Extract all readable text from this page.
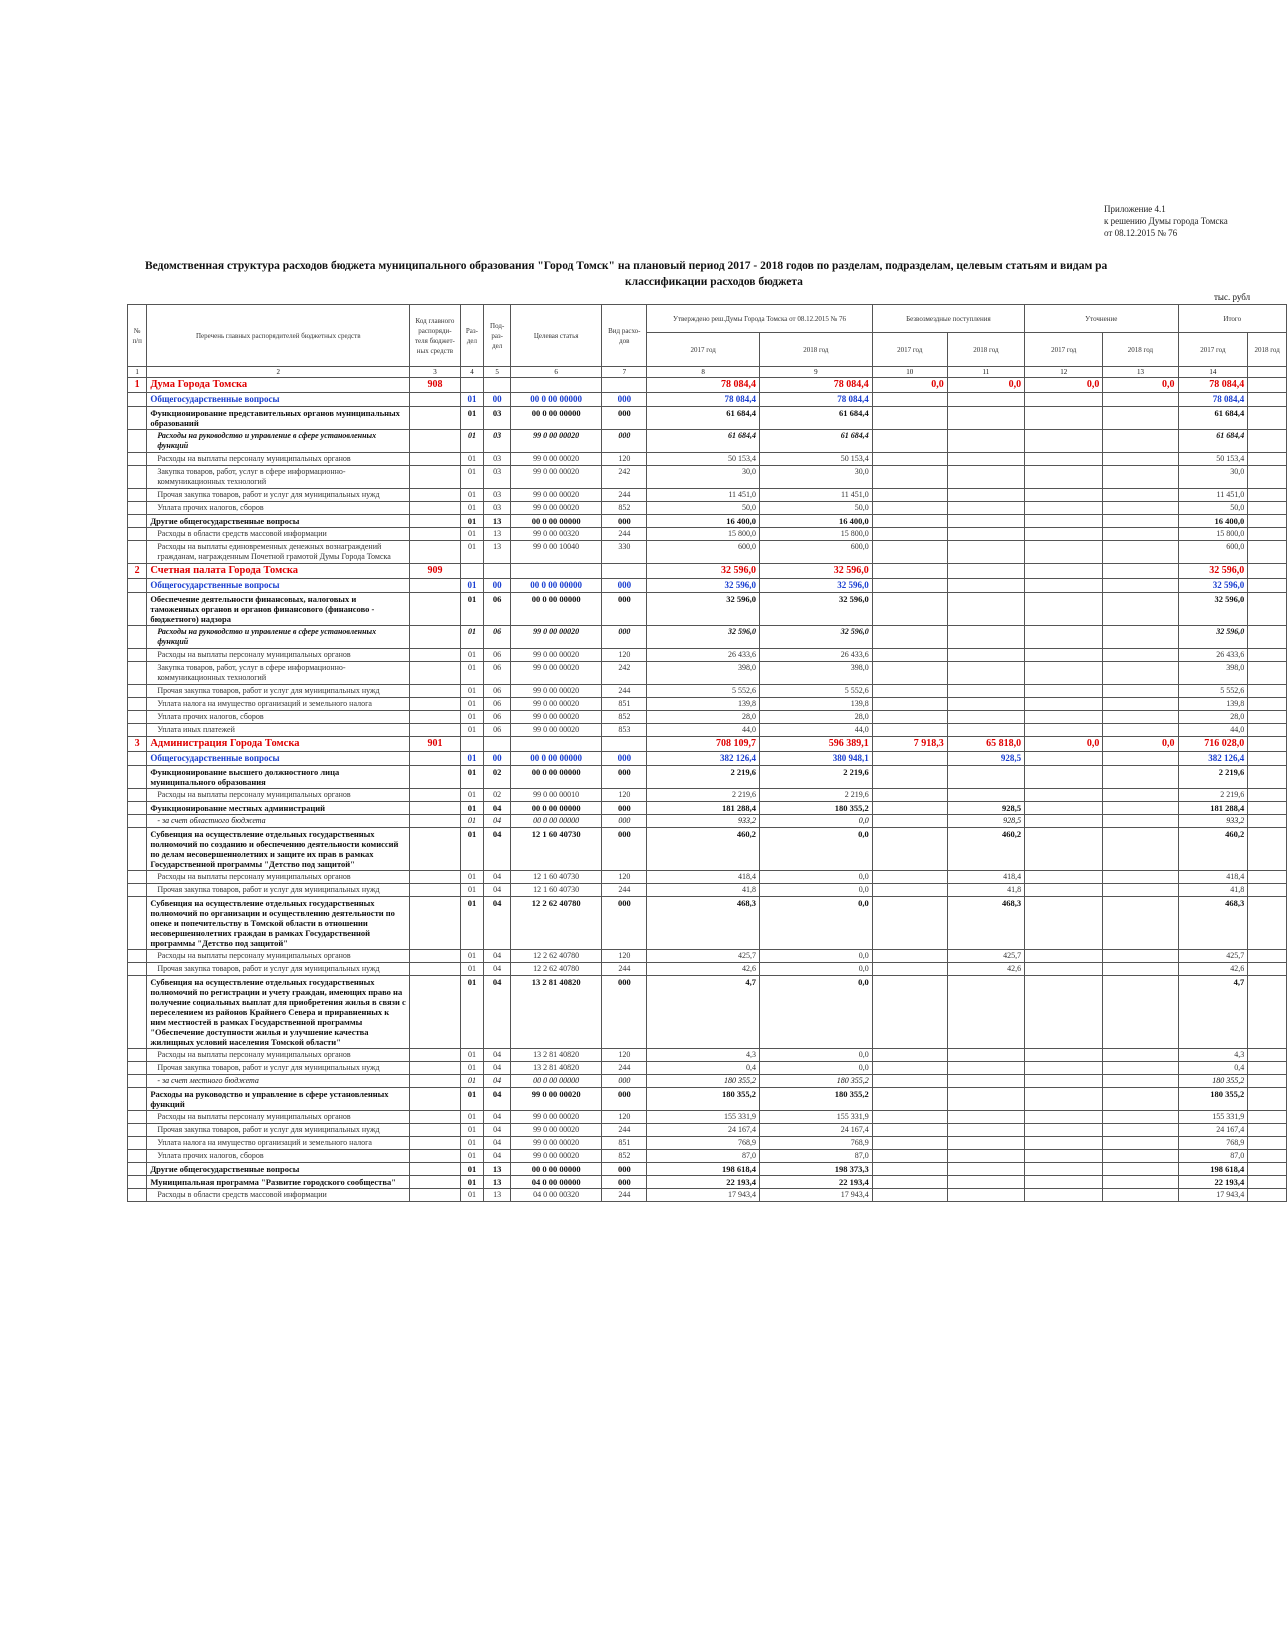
Приложение 4.1
к решению Думы города Томска
от 08.12.2015 № 76
Ведомственная структура расходов бюджета муниципального образования "Город Томск" на плановый период 2017 - 2018 годов по разделам, подразделам, целевым статьям и видам ра
классификации расходов бюджета
тыс. рубл
№ п/п	Перечень главных распорядителей бюджетных средств	Код главного распоряди-теля бюджет-ных средств	Раз-дел	Под-раз-дел	Целевая статья	Вид расхо-дов	Утверждено реш.Думы Города Томска от 08.12.2015 № 76		Безвозмездные поступления		Уточнение		Итого	
							2017 год	2018 год	2017 год	2018 год	2017 год	2018 год	2017 год	2018 год
1	2	3	4	5	6	7	8	9	10	11	12	13	14	
1	Дума Города Томска	908					78 084,4	78 084,4	0,0	0,0	0,0	0,0	78 084,4	
	Общегосударственные вопросы		01	00	00 0 00 00000	000	78 084,4	78 084,4					78 084,4	
	Функционирование представительных органов муниципальных образований		01	03	00 0 00 00000	000	61 684,4	61 684,4					61 684,4	
	Расходы на руководство и управление в сфере установленных функций		01	03	99 0 00 00020	000	61 684,4	61 684,4					61 684,4	
	Расходы на выплаты персоналу муниципальных органов		01	03	99 0 00 00020	120	50 153,4	50 153,4					50 153,4	
	Закупка товаров, работ, услуг в сфере информационно-коммуникационных технологий		01	03	99 0 00 00020	242	30,0	30,0					30,0	
	Прочая закупка товаров, работ и услуг для муниципальных нужд		01	03	99 0 00 00020	244	11 451,0	11 451,0					11 451,0	
	Уплата прочих налогов, сборов		01	03	99 0 00 00020	852	50,0	50,0					50,0	
	Другие общегосударственные вопросы		01	13	00 0 00 00000	000	16 400,0	16 400,0					16 400,0	
	Расходы в области средств массовой информации		01	13	99 0 00 00320	244	15 800,0	15 800,0					15 800,0	
	Расходы на выплаты единовременных денежных вознаграждений гражданам, награжденным Почетной грамотой Думы Города Томска		01	13	99 0 00 10040	330	600,0	600,0					600,0	
2	Счетная палата Города Томска	909					32 596,0	32 596,0					32 596,0	
	Общегосударственные вопросы		01	00	00 0 00 00000	000	32 596,0	32 596,0					32 596,0	
	Обеспечение деятельности финансовых, налоговых и таможенных органов и органов финансового (финансово - бюджетного) надзора		01	06	00 0 00 00000	000	32 596,0	32 596,0					32 596,0	
	Расходы на руководство и управление в сфере установленных функций		01	06	99 0 00 00020	000	32 596,0	32 596,0					32 596,0	
	Расходы на выплаты персоналу муниципальных органов		01	06	99 0 00 00020	120	26 433,6	26 433,6					26 433,6	
	Закупка товаров, работ, услуг в сфере информационно-коммуникационных технологий		01	06	99 0 00 00020	242	398,0	398,0					398,0	
	Прочая закупка товаров, работ и услуг для муниципальных нужд		01	06	99 0 00 00020	244	5 552,6	5 552,6					5 552,6	
	Уплата налога на имущество организаций и земельного налога		01	06	99 0 00 00020	851	139,8	139,8					139,8	
	Уплата прочих налогов, сборов		01	06	99 0 00 00020	852	28,0	28,0					28,0	
	Уплата иных платежей		01	06	99 0 00 00020	853	44,0	44,0					44,0	
3	Администрация Города Томска	901					708 109,7	596 389,1	7 918,3	65 818,0	0,0	0,0	716 028,0	
	Общегосударственные вопросы		01	00	00 0 00 00000	000	382 126,4	380 948,1		928,5			382 126,4	
	Функционирование высшего должностного лица муниципального образования		01	02	00 0 00 00000	000	2 219,6	2 219,6					2 219,6	
	Расходы на выплаты персоналу муниципальных органов		01	02	99 0 00 00010	120	2 219,6	2 219,6					2 219,6	
	Функционирование местных администраций		01	04	00 0 00 00000	000	181 288,4	180 355,2		928,5			181 288,4	
	- за счет областного бюджета		01	04	00 0 00 00000	000	933,2	0,0		928,5			933,2	
	Субвенция на осуществление отдельных государственных полномочий по созданию и обеспечению деятельности комиссий по делам несовершеннолетних и защите их прав в рамках Государственной программы "Детство под защитой"		01	04	12 1 60 40730	000	460,2	0,0		460,2			460,2	
	Расходы на выплаты персоналу муниципальных органов		01	04	12 1 60 40730	120	418,4	0,0		418,4			418,4	
	Прочая закупка товаров, работ и услуг для муниципальных нужд		01	04	12 1 60 40730	244	41,8	0,0		41,8			41,8	
	Субвенция на осуществление отдельных государственных полномочий по организации и осуществлению деятельности по опеке и попечительству в Томской области в отношении несовершеннолетних граждан в рамках Государственной программы "Детство под защитой"		01	04	12 2 62 40780	000	468,3	0,0		468,3			468,3	
	Расходы на выплаты персоналу муниципальных органов		01	04	12 2 62 40780	120	425,7	0,0		425,7			425,7	
	Прочая закупка товаров, работ и услуг для муниципальных нужд		01	04	12 2 62 40780	244	42,6	0,0		42,6			42,6	
	Субвенция на осуществление отдельных государственных полномочий по регистрации и учету граждан, имеющих право на получение социальных выплат для приобретения жилья в связи с переселением из районов Крайнего Севера и приравненных к ним местностей в рамках Государственной программы "Обеспечение доступности жилья и улучшение качества жилищных условий населения Томской области"		01	04	13 2 81 40820	000	4,7	0,0					4,7	
	Расходы на выплаты персоналу муниципальных органов		01	04	13 2 81 40820	120	4,3	0,0					4,3	
	Прочая закупка товаров, работ и услуг для муниципальных нужд		01	04	13 2 81 40820	244	0,4	0,0					0,4	
	- за счет местного бюджета		01	04	00 0 00 00000	000	180 355,2	180 355,2					180 355,2	
	Расходы на руководство и управление в сфере установленных функций		01	04	99 0 00 00020	000	180 355,2	180 355,2					180 355,2	
	Расходы на выплаты персоналу муниципальных органов		01	04	99 0 00 00020	120	155 331,9	155 331,9					155 331,9	
	Прочая закупка товаров, работ и услуг для муниципальных нужд		01	04	99 0 00 00020	244	24 167,4	24 167,4					24 167,4	
	Уплата налога на имущество организаций и земельного налога		01	04	99 0 00 00020	851	768,9	768,9					768,9	
	Уплата прочих налогов, сборов		01	04	99 0 00 00020	852	87,0	87,0					87,0	
	Другие общегосударственные вопросы		01	13	00 0 00 00000	000	198 618,4	198 373,3					198 618,4	
	Муниципальная программа "Развитие городского сообщества"		01	13	04 0 00 00000	000	22 193,4	22 193,4					22 193,4	
	Расходы в области средств массовой информации		01	13	04 0 00 00320	244	17 943,4	17 943,4					17 943,4	
